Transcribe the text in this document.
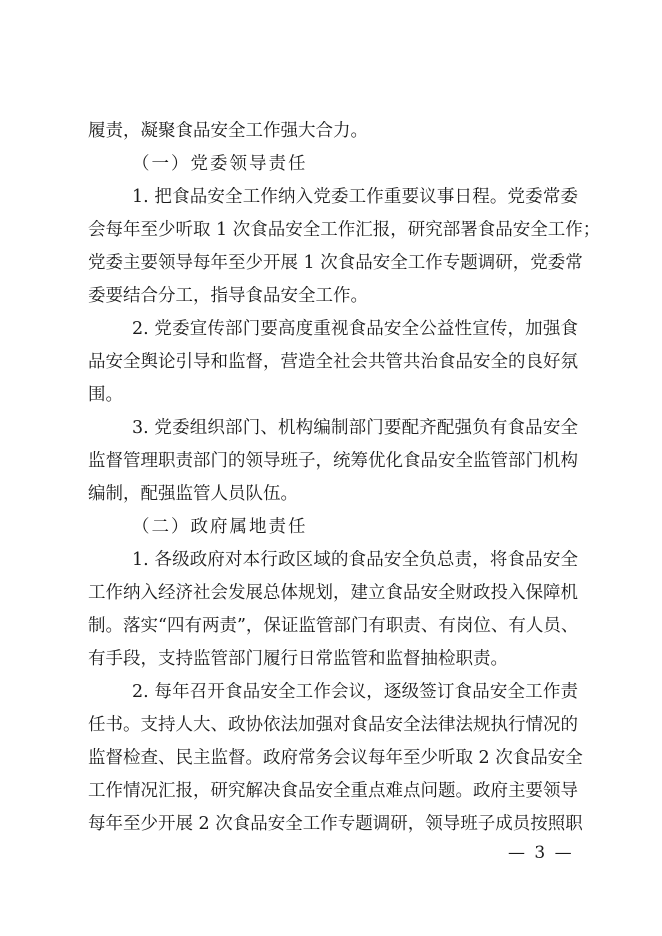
履责，凝聚食品安全工作强大合力。
（一）党委领导责任
1. 把食品安全工作纳入党委工作重要议事日程。党委常委
会每年至少听取 1 次食品安全工作汇报，研究部署食品安全工作；
党委主要领导每年至少开展 1 次食品安全工作专题调研，党委常
委要结合分工，指导食品安全工作。
2. 党委宣传部门要高度重视食品安全公益性宣传，加强食
品安全舆论引导和监督，营造全社会共管共治食品安全的良好氛
围。
3. 党委组织部门、机构编制部门要配齐配强负有食品安全
监督管理职责部门的领导班子，统筹优化食品安全监管部门机构
编制，配强监管人员队伍。
（二）政府属地责任
1. 各级政府对本行政区域的食品安全负总责，将食品安全
工作纳入经济社会发展总体规划，建立食品安全财政投入保障机
制。落实“四有两责”，保证监管部门有职责、有岗位、有人员、
有手段，支持监管部门履行日常监管和监督抽检职责。
2. 每年召开食品安全工作会议，逐级签订食品安全工作责
任书。支持人大、政协依法加强对食品安全法律法规执行情况的
监督检查、民主监督。政府常务会议每年至少听取 2 次食品安全
工作情况汇报，研究解决食品安全重点难点问题。政府主要领导
每年至少开展 2 次食品安全工作专题调研，领导班子成员按照职
— 3 —
